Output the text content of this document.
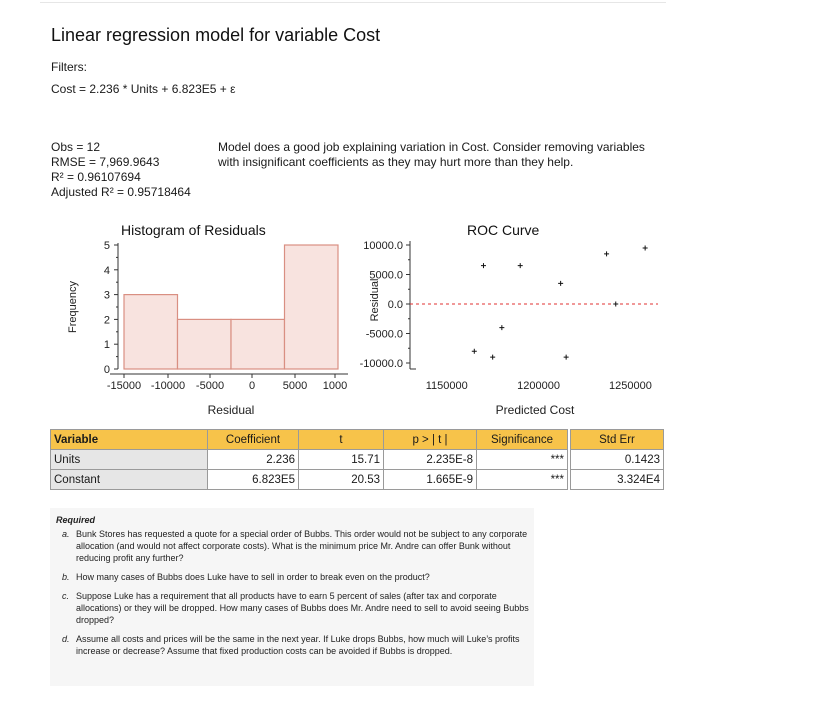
Linear regression model for variable Cost
Filters:
Cost = 2.236 * Units + 6.823E5 + ε
Obs = 12
RMSE = 7,969.9643
R² = 0.96107694
Adjusted R² = 0.95718464
Model does a good job explaining variation in Cost. Consider removing variables with insignificant coefficients as they may hurt more than they help.
Histogram of Residuals
0
1
2
3
4
5
-15000 -10000 -5000 0	5000 1000
Residual
Frequency
ROC Curve
10000.0
5000.0
0.0
-5000.0
-10000.0
1150000	1200000	1250000
Predicted Cost
Residual
Variable	Coefficient	t	p > | t |	Significance		Std Err
Units	2.236	15.71	2.235E-8	***		0.1423
Constant	6.823E5	20.53	1.665E-9	***		3.324E4
Required
a. Bunk Stores has requested a quote for a special order of Bubbs. This order would not be subject to any corporate allocation (and would not affect corporate costs). What is the minimum price Mr. Andre can offer Bunk without reducing profit any further?
b. How many cases of Bubbs does Luke have to sell in order to break even on the product?
c. Suppose Luke has a requirement that all products have to earn 5 percent of sales (after tax and corporate allocations) or they will be dropped. How many cases of Bubbs does Mr. Andre need to sell to avoid seeing Bubbs dropped?
d. Assume all costs and prices will be the same in the next year. If Luke drops Bubbs, how much will Luke’s profits increase or decrease? Assume that fixed production costs can be avoided if Bubbs is dropped.
